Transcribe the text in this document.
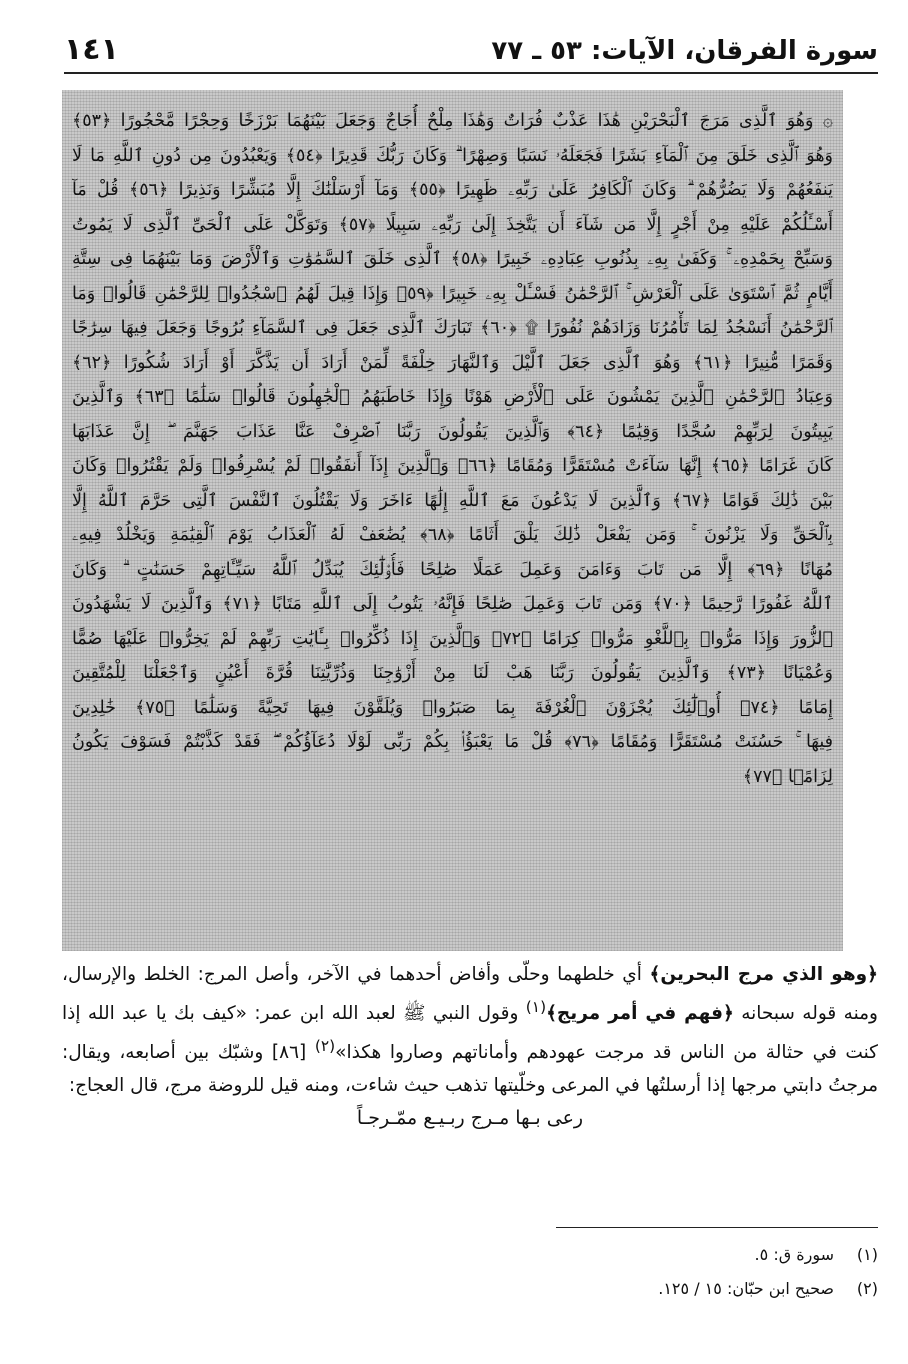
سورة الفرقان، الآيات: ٥٣ ـ ٧٧
١٤١
۞ وَهُوَ ٱلَّذِى مَرَجَ ٱلْبَحْرَيْنِ هَٰذَا عَذْبٌ فُرَاتٌ وَهَٰذَا مِلْحٌ أُجَاجٌ وَجَعَلَ بَيْنَهُمَا بَرْزَخًا وَحِجْرًا مَّحْجُورًا ﴿٥٣﴾
وَهُوَ ٱلَّذِى خَلَقَ مِنَ ٱلْمَآءِ بَشَرًا فَجَعَلَهُۥ نَسَبًا وَصِهْرًا ۗ وَكَانَ رَبُّكَ قَدِيرًا ﴿٥٤﴾ وَيَعْبُدُونَ مِن دُونِ ٱللَّهِ مَا لَا
يَنفَعُهُمْ وَلَا يَضُرُّهُمْ ۗ وَكَانَ ٱلْكَافِرُ عَلَىٰ رَبِّهِۦ ظَهِيرًا ﴿٥٥﴾ وَمَآ أَرْسَلْنَٰكَ إِلَّا مُبَشِّرًا وَنَذِيرًا ﴿٥٦﴾ قُلْ مَآ
أَسْـَٔلُكُمْ عَلَيْهِ مِنْ أَجْرٍ إِلَّا مَن شَآءَ أَن يَتَّخِذَ إِلَىٰ رَبِّهِۦ سَبِيلًا ﴿٥٧﴾ وَتَوَكَّلْ عَلَى ٱلْحَىِّ ٱلَّذِى لَا يَمُوتُ
وَسَبِّحْ بِحَمْدِهِۦ ۚ وَكَفَىٰ بِهِۦ بِذُنُوبِ عِبَادِهِۦ خَبِيرًا ﴿٥٨﴾ ٱلَّذِى خَلَقَ ٱلسَّمَٰوَٰتِ وَٱلْأَرْضَ وَمَا بَيْنَهُمَا فِى سِتَّةِ
أَيَّامٍ ثُمَّ ٱسْتَوَىٰ عَلَى ٱلْعَرْشِ ۚ ٱلرَّحْمَٰنُ فَسْـَٔلْ بِهِۦ خَبِيرًا ﴿٥٩﴾ وَإِذَا قِيلَ لَهُمُ ٱسْجُدُوا۟ لِلرَّحْمَٰنِ قَالُوا۟ وَمَا
ٱلرَّحْمَٰنُ أَنَسْجُدُ لِمَا تَأْمُرُنَا وَزَادَهُمْ نُفُورًا ۩ ﴿٦٠﴾ تَبَارَكَ ٱلَّذِى جَعَلَ فِى ٱلسَّمَآءِ بُرُوجًا وَجَعَلَ فِيهَا سِرَٰجًا
وَقَمَرًا مُّنِيرًا ﴿٦١﴾ وَهُوَ ٱلَّذِى جَعَلَ ٱلَّيْلَ وَٱلنَّهَارَ خِلْفَةً لِّمَنْ أَرَادَ أَن يَذَّكَّرَ أَوْ أَرَادَ شُكُورًا ﴿٦٢﴾
وَعِبَادُ ٱلرَّحْمَٰنِ ٱلَّذِينَ يَمْشُونَ عَلَى ٱلْأَرْضِ هَوْنًا وَإِذَا خَاطَبَهُمُ ٱلْجَٰهِلُونَ قَالُوا۟ سَلَٰمًا ﴿٦٣﴾ وَٱلَّذِينَ
يَبِيتُونَ لِرَبِّهِمْ سُجَّدًا وَقِيَٰمًا ﴿٦٤﴾ وَٱلَّذِينَ يَقُولُونَ رَبَّنَا ٱصْرِفْ عَنَّا عَذَابَ جَهَنَّمَ ۖ إِنَّ عَذَابَهَا
كَانَ غَرَامًا ﴿٦٥﴾ إِنَّهَا سَآءَتْ مُسْتَقَرًّا وَمُقَامًا ﴿٦٦﴾ وَٱلَّذِينَ إِذَآ أَنفَقُوا۟ لَمْ يُسْرِفُوا۟ وَلَمْ يَقْتُرُوا۟ وَكَانَ
بَيْنَ ذَٰلِكَ قَوَامًا ﴿٦٧﴾ وَٱلَّذِينَ لَا يَدْعُونَ مَعَ ٱللَّهِ إِلَٰهًا ءَاخَرَ وَلَا يَقْتُلُونَ ٱلنَّفْسَ ٱلَّتِى حَرَّمَ ٱللَّهُ إِلَّا
بِٱلْحَقِّ وَلَا يَزْنُونَ ۚ وَمَن يَفْعَلْ ذَٰلِكَ يَلْقَ أَثَامًا ﴿٦٨﴾ يُضَٰعَفْ لَهُ ٱلْعَذَابُ يَوْمَ ٱلْقِيَٰمَةِ وَيَخْلُدْ فِيهِۦ
مُهَانًا ﴿٦٩﴾ إِلَّا مَن تَابَ وَءَامَنَ وَعَمِلَ عَمَلًا صَٰلِحًا فَأُو۟لَٰٓئِكَ يُبَدِّلُ ٱللَّهُ سَيِّـَٔاتِهِمْ حَسَنَٰتٍ ۗ وَكَانَ
ٱللَّهُ غَفُورًا رَّحِيمًا ﴿٧٠﴾ وَمَن تَابَ وَعَمِلَ صَٰلِحًا فَإِنَّهُۥ يَتُوبُ إِلَى ٱللَّهِ مَتَابًا ﴿٧١﴾ وَٱلَّذِينَ لَا يَشْهَدُونَ
ٱلزُّورَ وَإِذَا مَرُّوا۟ بِٱللَّغْوِ مَرُّوا۟ كِرَامًا ﴿٧٢﴾ وَٱلَّذِينَ إِذَا ذُكِّرُوا۟ بِـَٔايَٰتِ رَبِّهِمْ لَمْ يَخِرُّوا۟ عَلَيْهَا صُمًّا
وَعُمْيَانًا ﴿٧٣﴾ وَٱلَّذِينَ يَقُولُونَ رَبَّنَا هَبْ لَنَا مِنْ أَزْوَٰجِنَا وَذُرِّيَّٰتِنَا قُرَّةَ أَعْيُنٍ وَٱجْعَلْنَا لِلْمُتَّقِينَ
إِمَامًا ﴿٧٤﴾ أُو۟لَٰٓئِكَ يُجْزَوْنَ ٱلْغُرْفَةَ بِمَا صَبَرُوا۟ وَيُلَقَّوْنَ فِيهَا تَحِيَّةً وَسَلَٰمًا ﴿٧٥﴾ خَٰلِدِينَ
فِيهَا ۚ حَسُنَتْ مُسْتَقَرًّا وَمُقَامًا ﴿٧٦﴾ قُلْ مَا يَعْبَؤُا۟ بِكُمْ رَبِّى لَوْلَا دُعَآؤُكُمْ ۖ فَقَدْ كَذَّبْتُمْ فَسَوْفَ يَكُونُ
لِزَامًۢا ﴿٧٧﴾

﴿وهو الذي مرج البحرين﴾ أي خلطهما وحلّى وأفاض أحدهما في الآخر، وأصل المرج: الخلط والإرسال، ومنه قوله سبحانه ﴿فهم في أمر مريج﴾$^{(١)}$ وقول النبي ﷺ لعبد الله ابن عمر: «كيف بك يا عبد الله إذا كنت في حثالة من الناس قد مرجت عهودهم وأماناتهم وصاروا هكذا»$^{(٢)}$ [٨٦] وشبّك بين أصابعه، ويقال: مرجتُ دابتي مرجها إذا أرسلتُها في المرعى وخلّيتها تذهب حيث شاءت، ومنه قيل للروضة مرج، قال العجاج:

رعى بـها مـرج ربـيـع ممّـرجـاً

(١)سورة ق: ٥.
(٢)صحيح ابن حبّان: ١٥ / ١٢٥.
